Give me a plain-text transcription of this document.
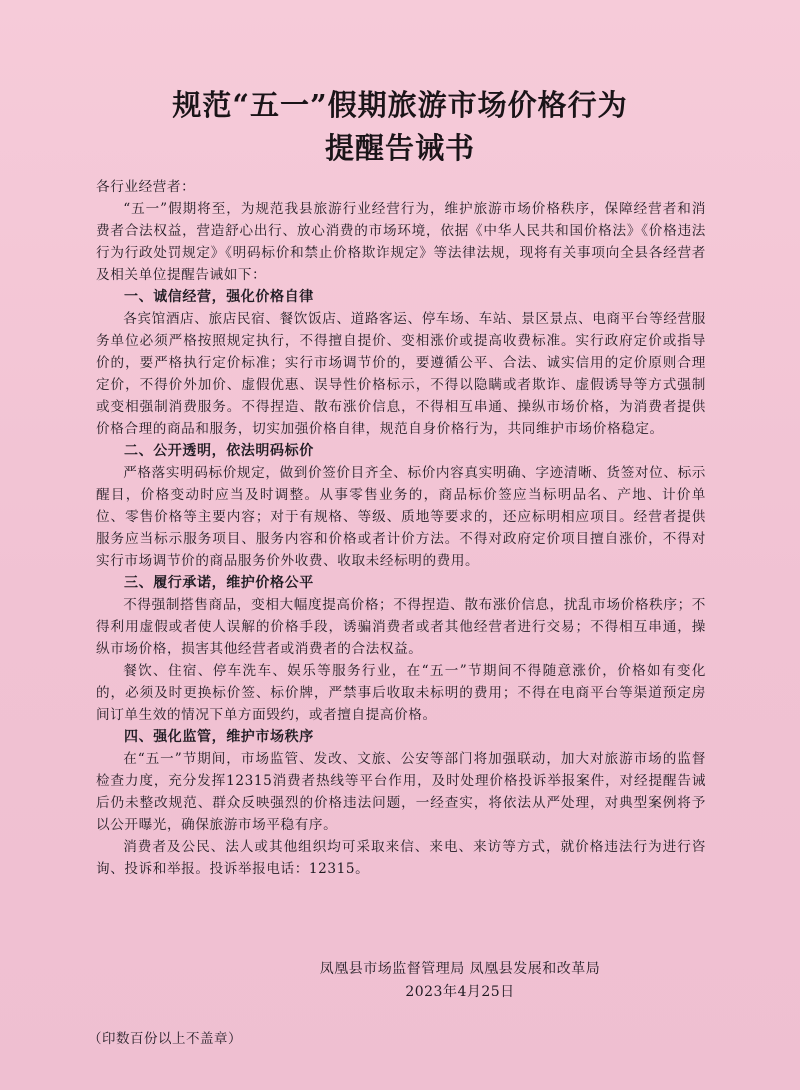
规范“五一”假期旅游市场价格行为
提醒告诫书

各行业经营者：

“五一”假期将至，为规范我县旅游行业经营行为，维护旅游市场价格秩序，保障经营者和消费者合法权益，营造舒心出行、放心消费的市场环境，依据《中华人民共和国价格法》《价格违法行为行政处罚规定》《明码标价和禁止价格欺诈规定》等法律法规，现将有关事项向全县各经营者及相关单位提醒告诫如下：

一、诚信经营，强化价格自律

各宾馆酒店、旅店民宿、餐饮饭店、道路客运、停车场、车站、景区景点、电商平台等经营服务单位必须严格按照规定执行，不得擅自提价、变相涨价或提高收费标准。实行政府定价或指导价的，要严格执行定价标准；实行市场调节价的，要遵循公平、合法、诚实信用的定价原则合理定价，不得价外加价、虚假优惠、误导性价格标示，不得以隐瞒或者欺诈、虚假诱导等方式强制或变相强制消费服务。不得捏造、散布涨价信息，不得相互串通、操纵市场价格，为消费者提供价格合理的商品和服务，切实加强价格自律，规范自身价格行为，共同维护市场价格稳定。

二、公开透明，依法明码标价

严格落实明码标价规定，做到价签价目齐全、标价内容真实明确、字迹清晰、货签对位、标示醒目，价格变动时应当及时调整。从事零售业务的，商品标价签应当标明品名、产地、计价单位、零售价格等主要内容；对于有规格、等级、质地等要求的，还应标明相应项目。经营者提供服务应当标示服务项目、服务内容和价格或者计价方法。不得对政府定价项目擅自涨价，不得对实行市场调节价的商品服务价外收费、收取未经标明的费用。

三、履行承诺，维护价格公平

不得强制搭售商品，变相大幅度提高价格；不得捏造、散布涨价信息，扰乱市场价格秩序；不得利用虚假或者使人误解的价格手段，诱骗消费者或者其他经营者进行交易；不得相互串通，操纵市场价格，损害其他经营者或消费者的合法权益。

餐饮、住宿、停车洗车、娱乐等服务行业，在“五一”节期间不得随意涨价，价格如有变化的，必须及时更换标价签、标价牌，严禁事后收取未标明的费用；不得在电商平台等渠道预定房间订单生效的情况下单方面毁约，或者擅自提高价格。

四、强化监管，维护市场秩序

在“五一”节期间，市场监管、发改、文旅、公安等部门将加强联动，加大对旅游市场的监督检查力度，充分发挥12315消费者热线等平台作用，及时处理价格投诉举报案件，对经提醒告诫后仍未整改规范、群众反映强烈的价格违法问题，一经查实，将依法从严处理，对典型案例将予以公开曝光，确保旅游市场平稳有序。

消费者及公民、法人或其他组织均可采取来信、来电、来访等方式，就价格违法行为进行咨询、投诉和举报。投诉举报电话：12315。

凤凰县市场监督管理局 凤凰县发展和改革局
2023年4月25日
（印数百份以上不盖章）
